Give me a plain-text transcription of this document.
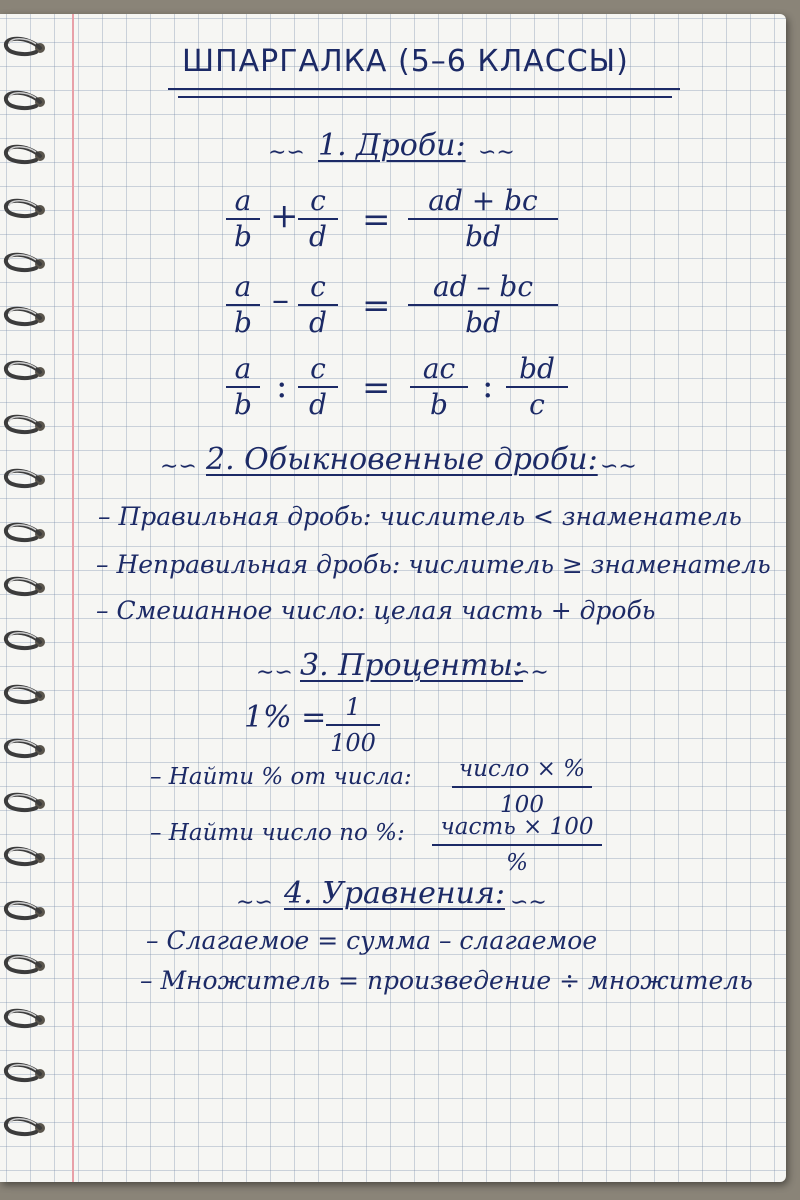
ШПАРГАЛКА (5–6 КЛАССЫ)
∼∽ 1. Дроби: ∽∼
$\frac{a}{b} + \frac{c}{d} = \frac{ad + bc}{bd}$
$\frac{a}{b} - \frac{c}{d} = \frac{ad - bc}{bd}$
$\frac{a}{b}$ : $\frac{c}{d} = \frac{ac}{b}$ : $\frac{bd}{c}$
∼∽ 2. Обыкновенные дроби: ∽∼
– Правильная дробь: числитель < знаменатель
– Неправильная дробь: числитель ≥ знаменатель
– Смешанное число: целая часть + дробь
∼∽ 3. Проценты:
∽∼
$1\% = \frac{1}{100}$
– Найти % от числа: число × %
100
– Найти число по %:	часть × 100
%
∼∽ 4. Уравнения: ∽∼
– Слагаемое = сумма – слагаемое
– Множитель = произведение ÷ множитель
